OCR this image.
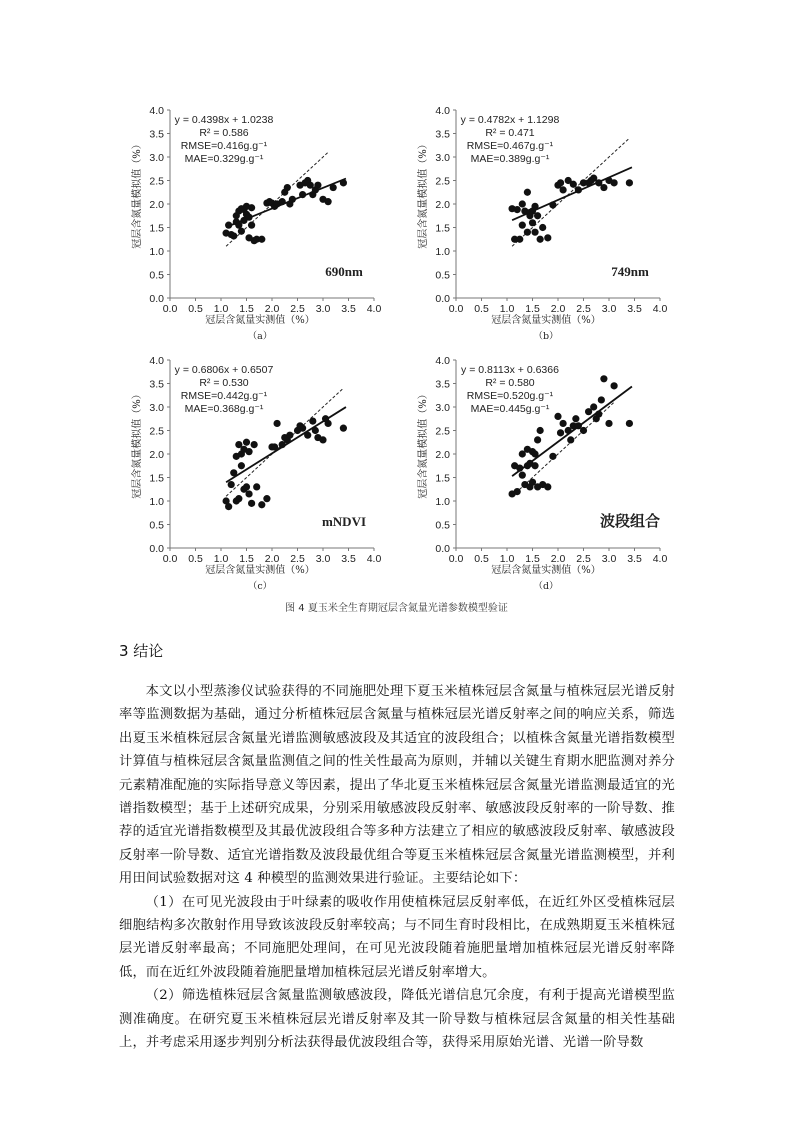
0.0 0.5 1.0 1.5 2.0 2.5 3.0 3.5 4.0
0.0
0.5
1.0
1.5
2.0
2.5
3.0
3.5
4.0
冠层含氮量实测值（%）
冠层含氮量模拟值（%）
（a）
y = 0.4398x + 1.0238
R² = 0.586
RMSE=0.416g.g⁻¹
MAE=0.329g.g⁻¹
690nm
0.0 0.5 1.0 1.5 2.0 2.5 3.0 3.5 4.0
0.0
0.5
1.0
1.5
2.0
2.5
3.0
3.5
4.0
冠层含氮量实测值（%）
冠层含氮量模拟值（%）
（b）
y = 0.4782x + 1.1298
R² = 0.471
RMSE=0.467g.g⁻¹
MAE=0.389g.g⁻¹
749nm
0.0 0.5 1.0 1.5 2.0 2.5 3.0 3.5 4.0
0.0
0.5
1.0
1.5
2.0
2.5
3.0
3.5
4.0
冠层含氮量实测值（%）
冠层含氮量模拟值（%）
（c）
y = 0.6806x + 0.6507
R² = 0.530
RMSE=0.442g.g⁻¹
MAE=0.368g.g⁻¹
mNDVI
0.0 0.5 1.0 1.5 2.0 2.5 3.0 3.5 4.0
0.0
0.5
1.0
1.5
2.0
2.5
3.0
3.5
4.0
冠层含氮量实测值（%）
冠层含氮量模拟值（%）
（d）
y = 0.8113x + 0.6366
R² = 0.580
RMSE=0.520g.g⁻¹
MAE=0.445g.g⁻¹
波段组合
图 4 夏玉米全生育期冠层含氮量光谱参数模型验证
3 结论

本文以小型蒸渗仪试验获得的不同施肥处理下夏玉米植株冠层含氮量与植株冠层光谱反射率等监测数据为基础，通过分析植株冠层含氮量与植株冠层光谱反射率之间的响应关系，筛选出夏玉米植株冠层含氮量光谱监测敏感波段及其适宜的波段组合；以植株含氮量光谱指数模型计算值与植株冠层含氮量监测值之间的性关性最高为原则，并辅以关键生育期水肥监测对养分元素精准配施的实际指导意义等因素，提出了华北夏玉米植株冠层含氮量光谱监测最适宜的光谱指数模型；基于上述研究成果，分别采用敏感波段反射率、敏感波段反射率的一阶导数、推荐的适宜光谱指数模型及其最优波段组合等多种方法建立了相应的敏感波段反射率、敏感波段反射率一阶导数、适宜光谱指数及波段最优组合等夏玉米植株冠层含氮量光谱监测模型，并利用田间试验数据对这 4 种模型的监测效果进行验证。主要结论如下：

（1）在可见光波段由于叶绿素的吸收作用使植株冠层反射率低，在近红外区受植株冠层细胞结构多次散射作用导致该波段反射率较高；与不同生育时段相比，在成熟期夏玉米植株冠层光谱反射率最高；不同施肥处理间，在可见光波段随着施肥量增加植株冠层光谱反射率降低，而在近红外波段随着施肥量增加植株冠层光谱反射率增大。

（2）筛选植株冠层含氮量监测敏感波段，降低光谱信息冗余度，有利于提高光谱模型监测准确度。在研究夏玉米植株冠层光谱反射率及其一阶导数与植株冠层含氮量的相关性基础上，并考虑采用逐步判别分析法获得最优波段组合等，获得采用原始光谱、光谱一阶导数
